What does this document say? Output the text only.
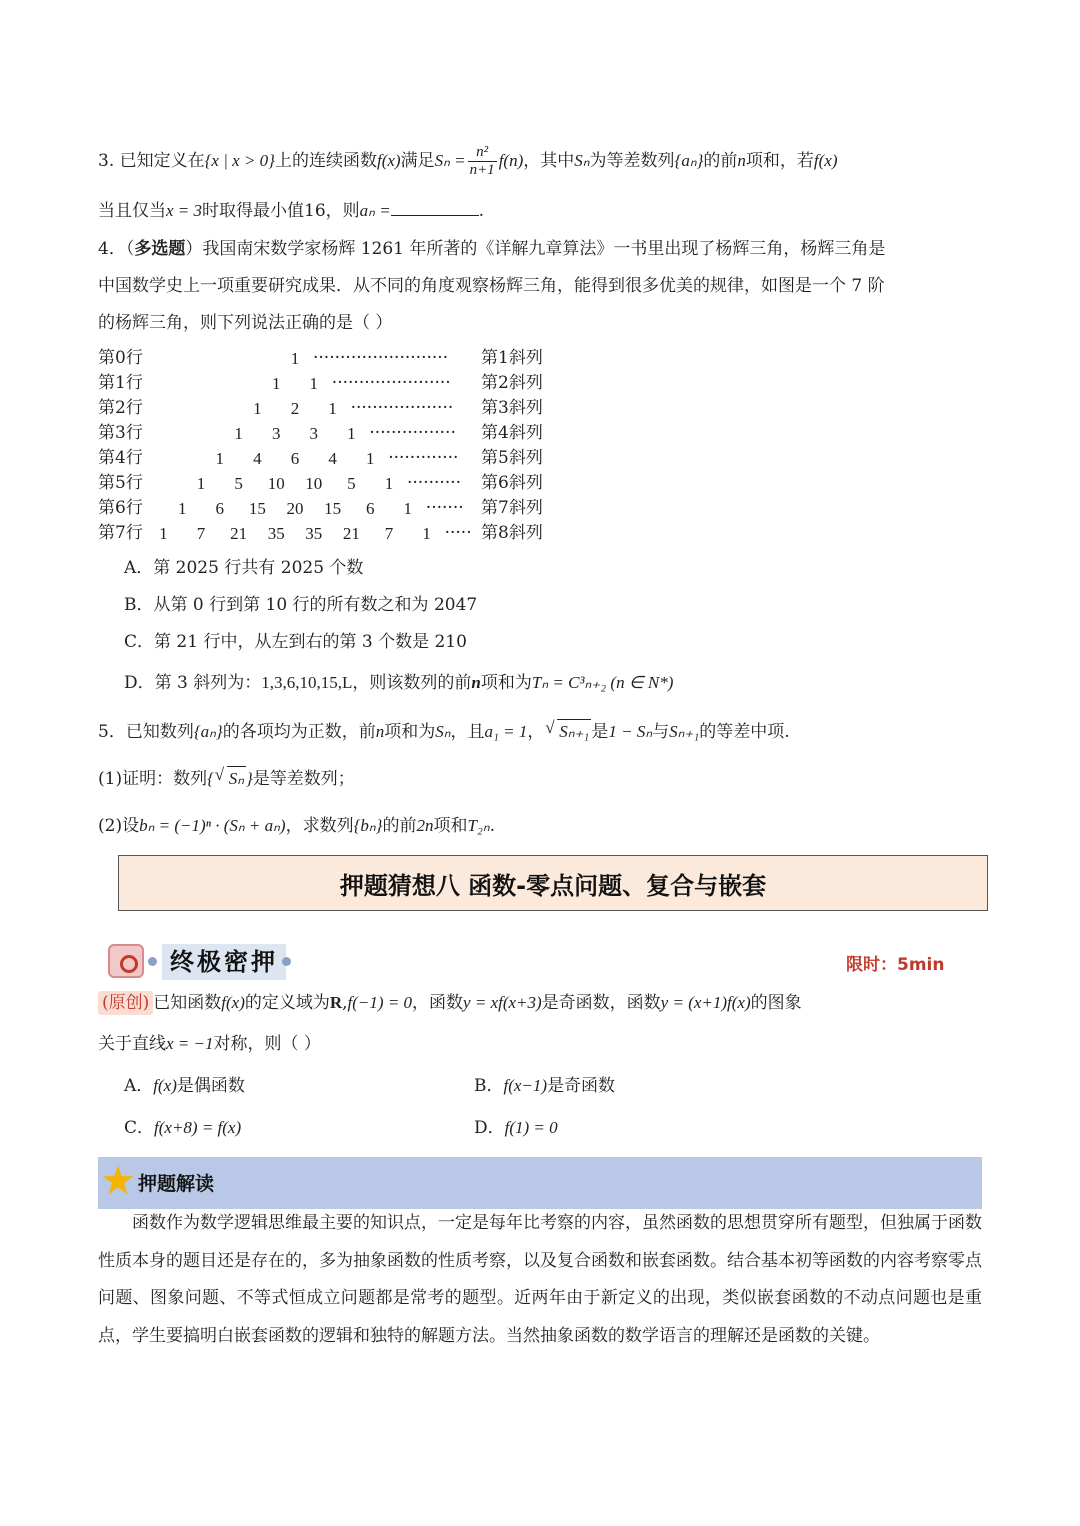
3. 已知定义在{x | x > 0}上的连续函数f(x)满足$S_n = \frac{\text{n²}}{n+1} f(n)$，其中Sₙ为等差数列{aₙ}的前n项和，若f(x)
当且仅当x = 3时取得最小值16，则aₙ =	.
4．（多选题）我国南宋数学家杨辉 1261 年所著的《详解九章算法》一书里出现了杨辉三角，杨辉三角是
中国数学史上一项重要研究成果．从不同的角度观察杨辉三角，能得到很多优美的规律，如图是一个 7 阶
的杨辉三角，则下列说法正确的是（ ）
第0行	1 ·························	第1斜列
第1行	1	1 ······················	第2斜列
第2行	1	2	1 ···················	第3斜列
第3行	1	3	3	1 ················	第4斜列
第4行	1	4	6	4	1 ·············	第5斜列
第5行	1	5	10 10	5	1 ··········	第6斜列
第6行	1	6	15 20 15	6	1 ·······	第7斜列
第7行 1	7	21 35 35 21	7	1 ····· 第8斜列
A．第 2025 行共有 2025 个数
B．从第 0 行到第 10 行的所有数之和为 2047
C．第 21 行中，从左到右的第 3 个数是 210
D．第 3 斜列为：1,3,6,10,15,L，则该数列的前n项和为Tₙ = C³ₙ₊₂ (n ∈ N*)
5．已知数列{aₙ}的各项均为正数，前n项和为Sₙ，且a₁ = 1， √ Sₙ₊₁ 是1 − Sₙ与Sₙ₊₁的等差中项.
(1)证明：数列{ √ Sₙ }是等差数列；
(2)设bₙ = (−1)ⁿ · (Sₙ + aₙ)，求数列{bₙ}的前2n项和T₂ₙ.
押题猜想八 函数-零点问题、复合与嵌套
终极密押	限时：5min
(原创) 已知函数f(x)的定义域为R,f(−1) = 0，函数y = xf(x+3)是奇函数，函数y = (x+1)f(x)的图象
关于直线x = −1对称，则（ ）
A．f(x)是偶函数	B．f(x−1)是奇函数
C．f(x+8) = f(x)	D．f(1) = 0
★ 押题解读
函数作为数学逻辑思维最主要的知识点，一定是每年比考察的内容，虽然函数的思想贯穿所有题型，但独属于函数性质本身的题目还是存在的，多为抽象函数的性质考察，以及复合函数和嵌套函数。结合基本初等函数的内容考察零点问题、图象问题、不等式恒成立问题都是常考的题型。近两年由于新定义的出现，类似嵌套函数的不动点问题也是重点，学生要搞明白嵌套函数的逻辑和独特的解题方法。当然抽象函数的数学语言的理解还是函数的关键。
